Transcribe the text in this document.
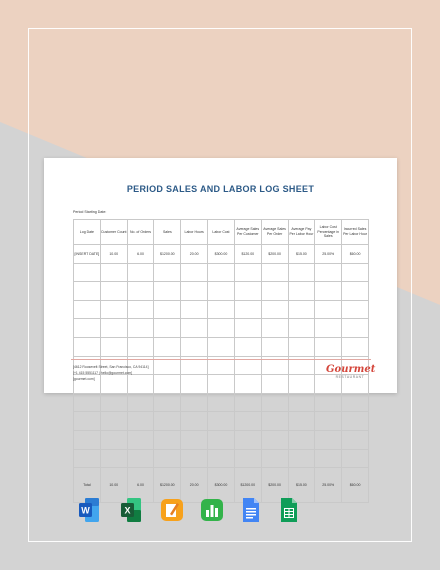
PERIOD SALES AND LABOR LOG SHEET
Period Starting Date:
Log Date	Customer Count	No. of Orders	Sales	Labor Hours	Labor Cost	Average Sales Per Customer	Average Sales Per Order	Average Pay Per Labor Hour	Labor Cost Percentage in Sales	Incurred Sales Per Labor Hour
[INSERT DATE]	10.00	6.00	$1200.00	20.00	$300.00	$120.00	$200.00	$15.00	25.00%	$60.00

Total	10.00	6.00	$1200.00	20.00	$300.00	$1200.00	$200.00	$15.00	25.00%	$60.00
[4612 Roosevelt Street, San Francisco, CA 94114]
[+1 415 5551117 | hello@gourmet.com]
[gourmet.com]
Gourmet
RESTAURANT
W	X
